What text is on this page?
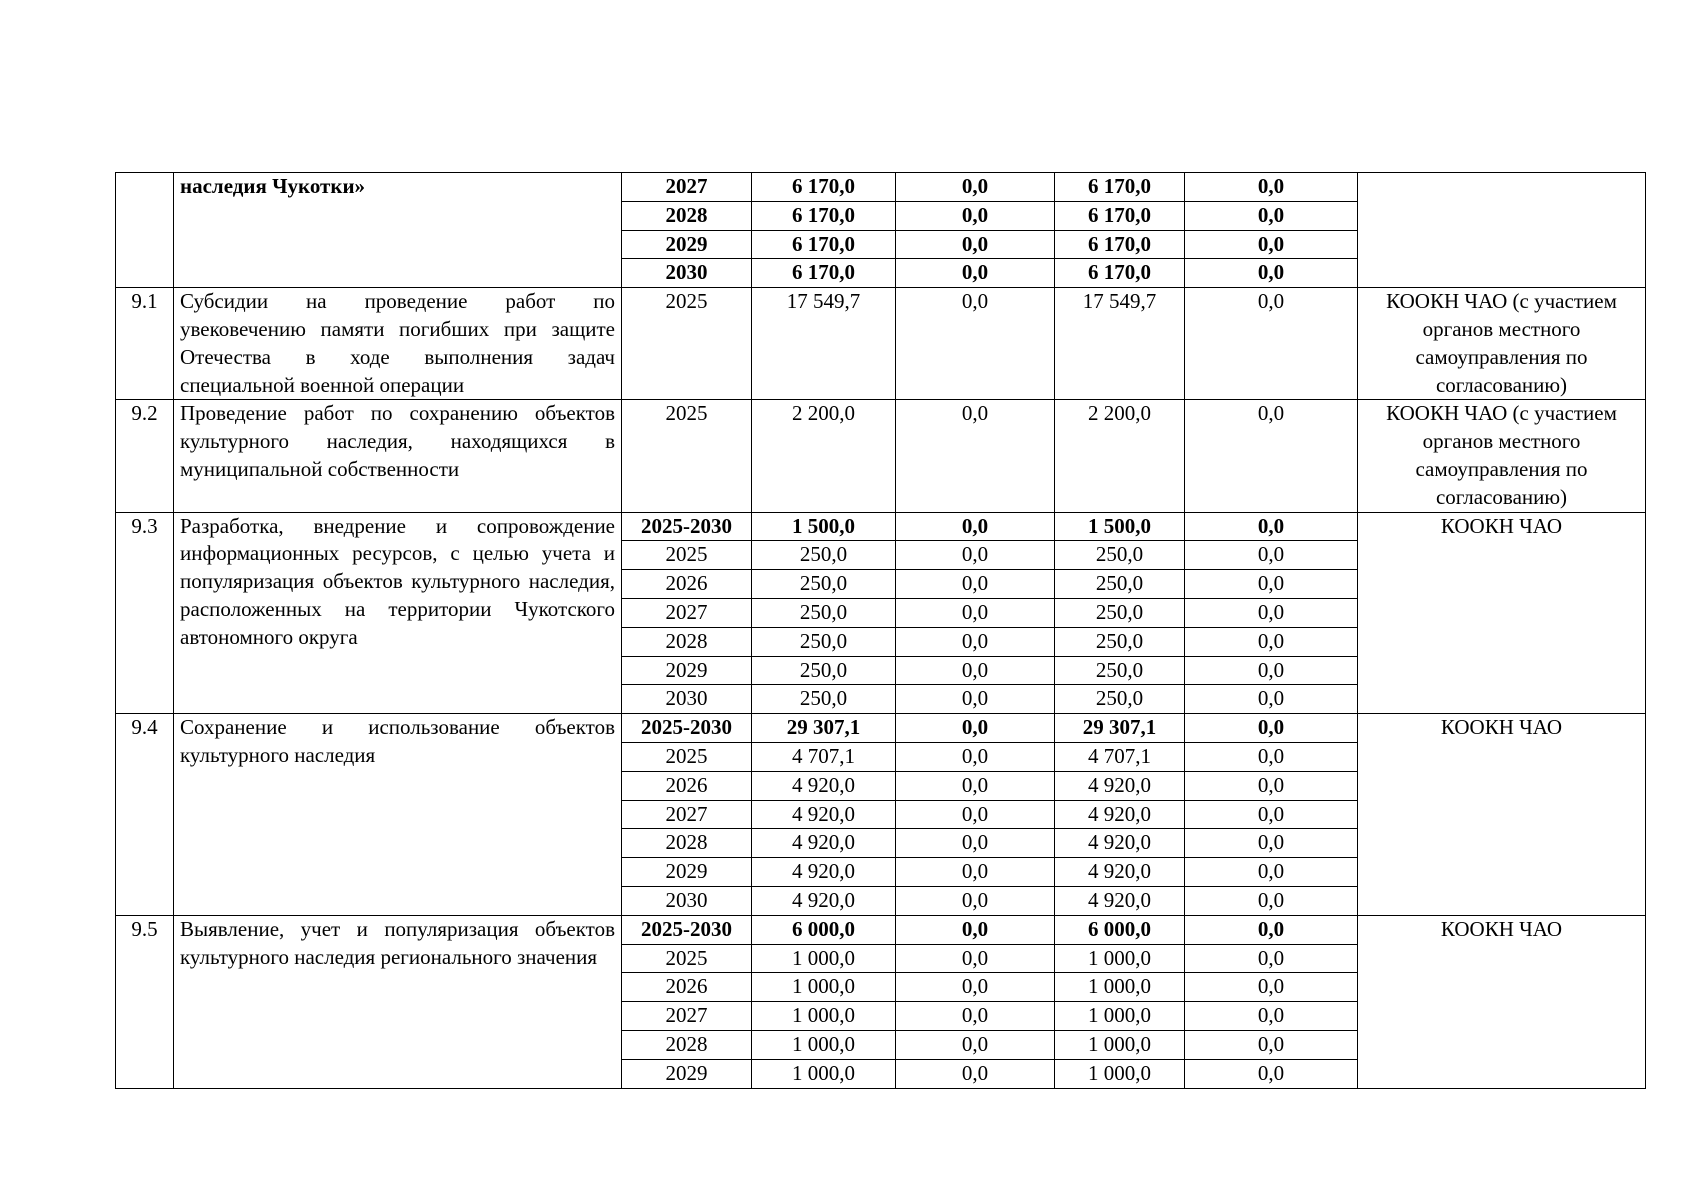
	наследия Чукотки»	2027	6 170,0	0,0	6 170,0	0,0	
		2028	6 170,0	0,0	6 170,0	0,0	
		2029	6 170,0	0,0	6 170,0	0,0	
		2030	6 170,0	0,0	6 170,0	0,0	
9.1	Субсидии на проведение работ по увековечению памяти погибших при защите Отечества в ходе выполнения задач специальной военной операции	2025	17 549,7	0,0	17 549,7	0,0	КООКН ЧАО (с участием органов местного самоуправления по согласованию)
9.2	Проведение работ по сохранению объектов культурного наследия, находящихся в муниципальной собственности	2025	2 200,0	0,0	2 200,0	0,0	КООКН ЧАО (с участием органов местного самоуправления по согласованию)
9.3	Разработка, внедрение и сопровождение информационных ресурсов, с целью учета и популяризация объектов культурного наследия, расположенных на территории Чукотского автономного округа	2025-2030	1 500,0	0,0	1 500,0	0,0	КООКН ЧАО
		2025	250,0	0,0	250,0	0,0	
		2026	250,0	0,0	250,0	0,0	
		2027	250,0	0,0	250,0	0,0	
		2028	250,0	0,0	250,0	0,0	
		2029	250,0	0,0	250,0	0,0	
		2030	250,0	0,0	250,0	0,0	
9.4	Сохранение и использование объектов культурного наследия	2025-2030	29 307,1	0,0	29 307,1	0,0	КООКН ЧАО
		2025	4 707,1	0,0	4 707,1	0,0	
		2026	4 920,0	0,0	4 920,0	0,0	
		2027	4 920,0	0,0	4 920,0	0,0	
		2028	4 920,0	0,0	4 920,0	0,0	
		2029	4 920,0	0,0	4 920,0	0,0	
		2030	4 920,0	0,0	4 920,0	0,0	
9.5	Выявление, учет и популяризация объектов культурного наследия регионального значения	2025-2030	6 000,0	0,0	6 000,0	0,0	КООКН ЧАО
		2025	1 000,0	0,0	1 000,0	0,0	
		2026	1 000,0	0,0	1 000,0	0,0	
		2027	1 000,0	0,0	1 000,0	0,0	
		2028	1 000,0	0,0	1 000,0	0,0	
		2029	1 000,0	0,0	1 000,0	0,0	
